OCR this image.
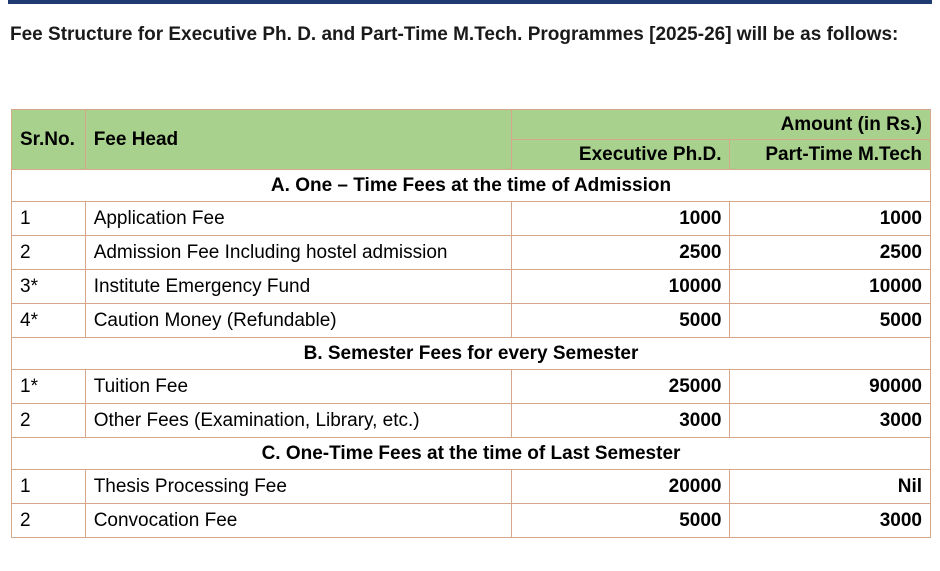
Fee Structure for Executive Ph. D. and Part-Time M.Tech. Programmes [2025-26] will be as follows:
Sr.No.	Fee Head	Amount (in Rs.)	
		Executive Ph.D.	Part-Time M.Tech
A. One – Time Fees at the time of Admission			
1	Application Fee	1000	1000
2	Admission Fee Including hostel admission	2500	2500
3*	Institute Emergency Fund	10000	10000
4*	Caution Money (Refundable)	5000	5000
B. Semester Fees for every Semester			
1*	Tuition Fee	25000	90000
2	Other Fees (Examination, Library, etc.)	3000	3000
C. One-Time Fees at the time of Last Semester			
1	Thesis Processing Fee	20000	Nil
2	Convocation Fee	5000	3000
